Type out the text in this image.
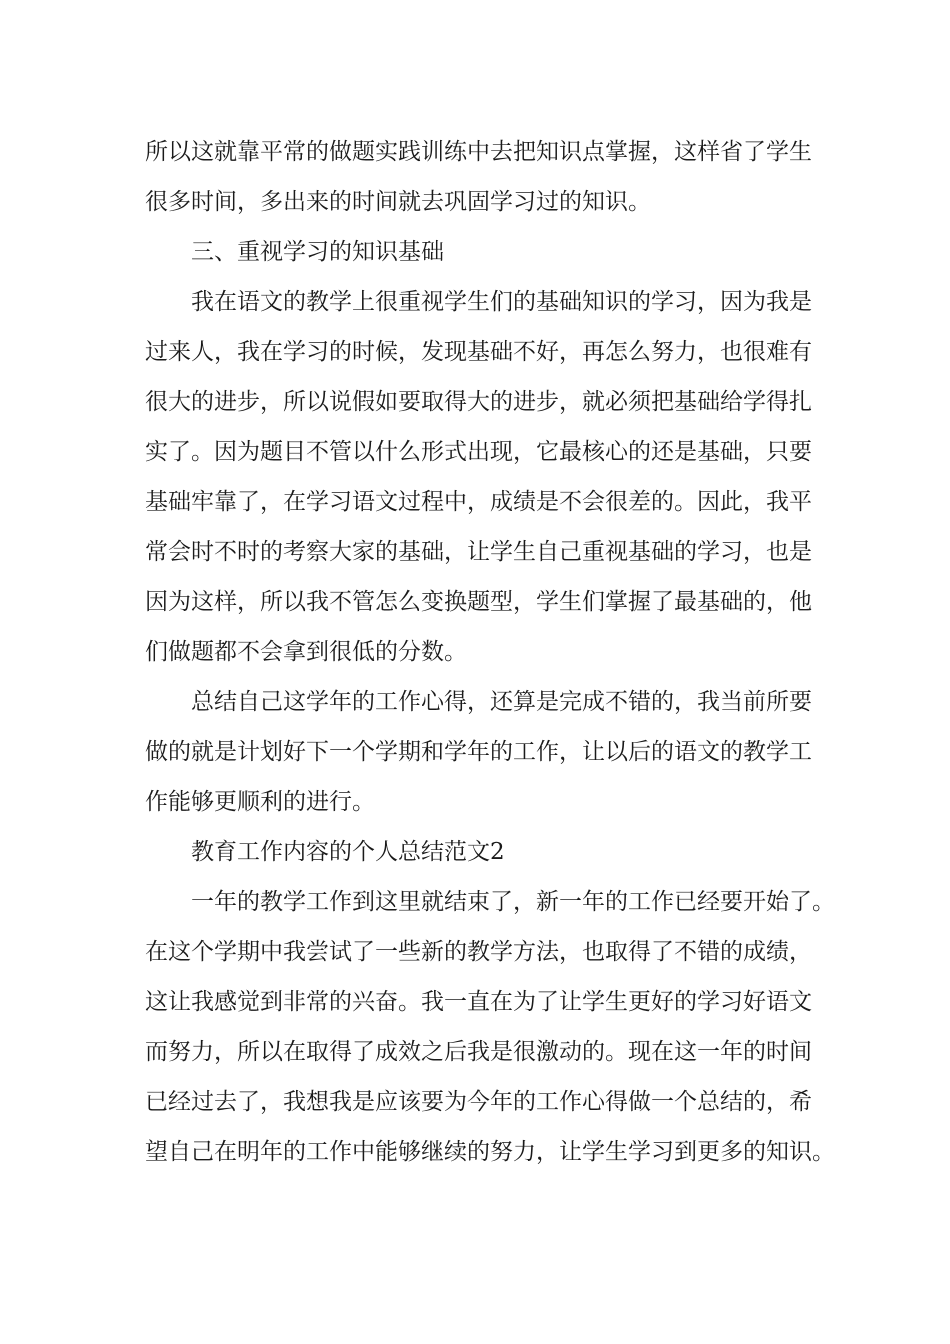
所以这就靠平常的做题实践训练中去把知识点掌握，这样省了学生
很多时间，多出来的时间就去巩固学习过的知识。
三、重视学习的知识基础
我在语文的教学上很重视学生们的基础知识的学习，因为我是
过来人，我在学习的时候，发现基础不好，再怎么努力，也很难有
很大的进步，所以说假如要取得大的进步，就必须把基础给学得扎
实了。因为题目不管以什么形式出现，它最核心的还是基础，只要
基础牢靠了，在学习语文过程中，成绩是不会很差的。因此，我平
常会时不时的考察大家的基础，让学生自己重视基础的学习，也是
因为这样，所以我不管怎么变换题型，学生们掌握了最基础的，他
们做题都不会拿到很低的分数。
总结自己这学年的工作心得，还算是完成不错的，我当前所要
做的就是计划好下一个学期和学年的工作，让以后的语文的教学工
作能够更顺利的进行。
教育工作内容的个人总结范文2
一年的教学工作到这里就结束了，新一年的工作已经要开始了。
在这个学期中我尝试了一些新的教学方法，也取得了不错的成绩，
这让我感觉到非常的兴奋。我一直在为了让学生更好的学习好语文
而努力，所以在取得了成效之后我是很激动的。现在这一年的时间
已经过去了，我想我是应该要为今年的工作心得做一个总结的，希
望自己在明年的工作中能够继续的努力，让学生学习到更多的知识。
